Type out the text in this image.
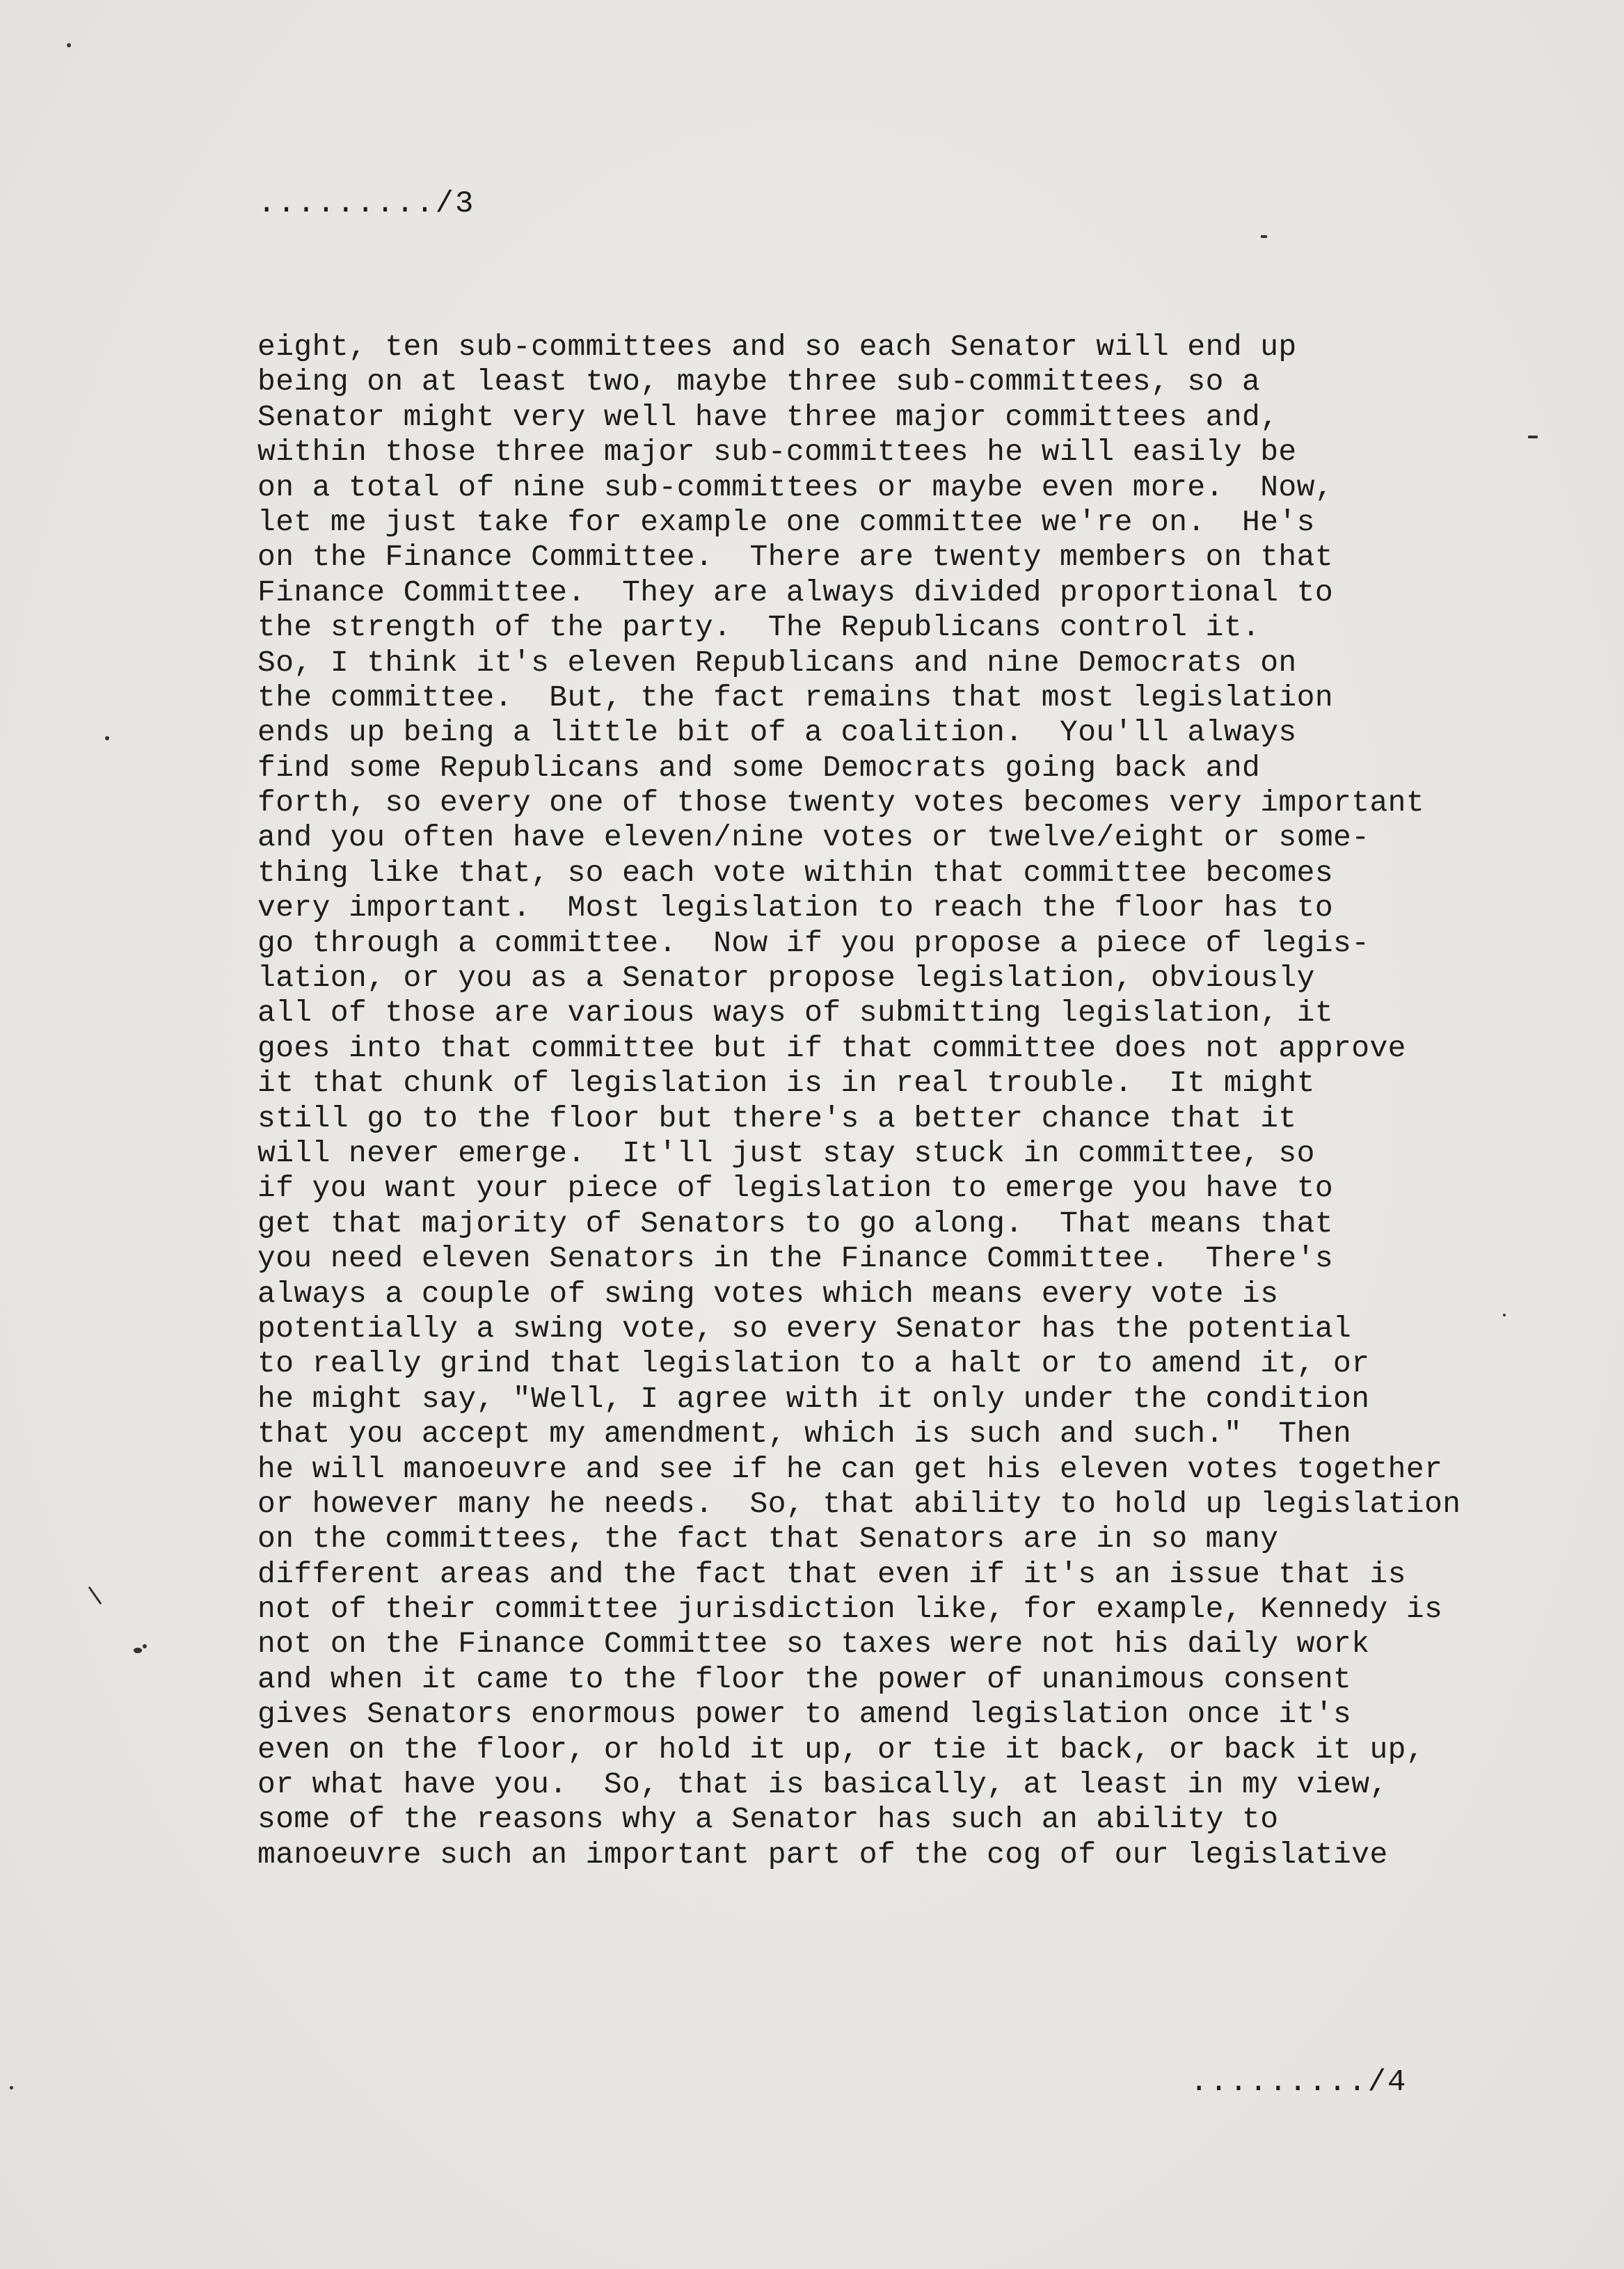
........./3
eight, ten sub-committees and so each Senator will end up
being on at least two, maybe three sub-committees, so a
Senator might very well have three major committees and,
within those three major sub-committees he will easily be
on a total of nine sub-committees or maybe even more.  Now,
let me just take for example one committee we're on.  He's
on the Finance Committee.  There are twenty members on that
Finance Committee.  They are always divided proportional to
the strength of the party.  The Republicans control it.
So, I think it's eleven Republicans and nine Democrats on
the committee.  But, the fact remains that most legislation
ends up being a little bit of a coalition.  You'll always
find some Republicans and some Democrats going back and
forth, so every one of those twenty votes becomes very important
and you often have eleven/nine votes or twelve/eight or some-
thing like that, so each vote within that committee becomes
very important.  Most legislation to reach the floor has to
go through a committee.  Now if you propose a piece of legis-
lation, or you as a Senator propose legislation, obviously
all of those are various ways of submitting legislation, it
goes into that committee but if that committee does not approve
it that chunk of legislation is in real trouble.  It might
still go to the floor but there's a better chance that it
will never emerge.  It'll just stay stuck in committee, so
if you want your piece of legislation to emerge you have to
get that majority of Senators to go along.  That means that
you need eleven Senators in the Finance Committee.  There's
always a couple of swing votes which means every vote is
potentially a swing vote, so every Senator has the potential
to really grind that legislation to a halt or to amend it, or
he might say, "Well, I agree with it only under the condition
that you accept my amendment, which is such and such."  Then
he will manoeuvre and see if he can get his eleven votes together
or however many he needs.  So, that ability to hold up legislation
on the committees, the fact that Senators are in so many
different areas and the fact that even if it's an issue that is
not of their committee jurisdiction like, for example, Kennedy is
not on the Finance Committee so taxes were not his daily work
and when it came to the floor the power of unanimous consent
gives Senators enormous power to amend legislation once it's
even on the floor, or hold it up, or tie it back, or back it up,
or what have you.  So, that is basically, at least in my view,
some of the reasons why a Senator has such an ability to
manoeuvre such an important part of the cog of our legislative
........./4
